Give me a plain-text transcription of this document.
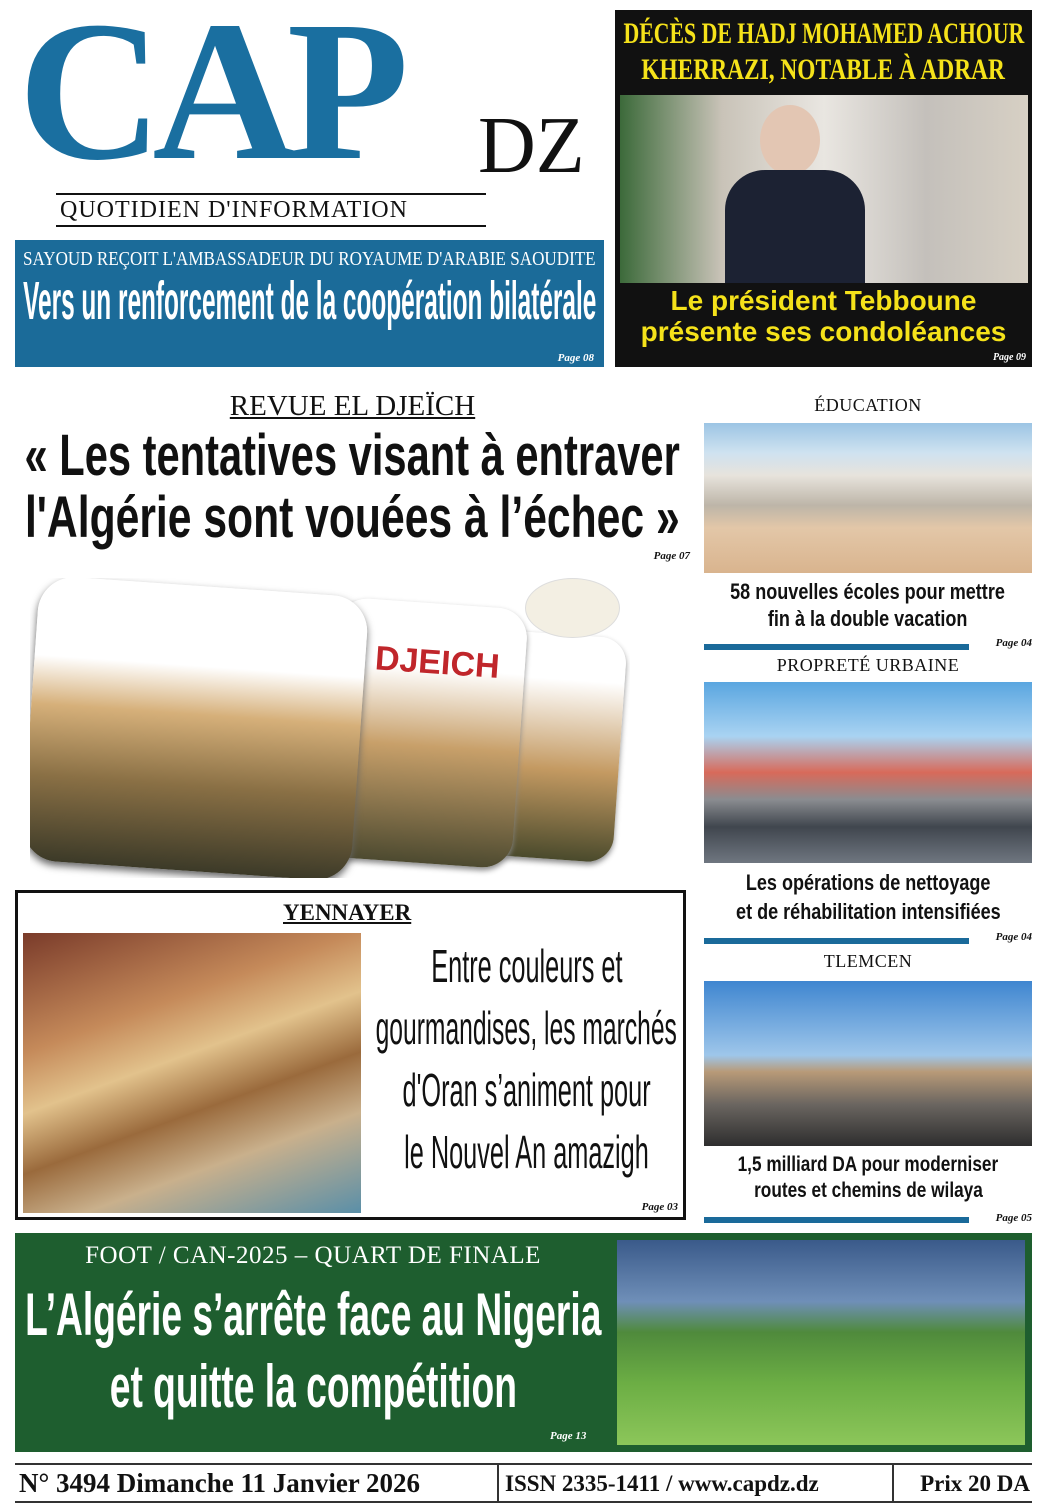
CAP DZ
QUOTIDIEN D'INFORMATION
SAYOUD REÇOIT L'AMBASSADEUR DU ROYAUME D'ARABIE SAOUDITE
Vers un renforcement de la coopération bilatérale
Page 08
DÉCÈS DE HADJ MOHAMED ACHOUR
KHERRAZI, NOTABLE À ADRAR
Le président Tebboune
présente ses condoléances
Page 09
REVUE EL DJEÏCH
« Les tentatives visant à entraver
l'Algérie sont vouées à l’échec »
Page 07
DJEICH
YENNAYER
Entre couleurs et
gourmandises, les marchés
d'Oran s’animent pour
le Nouvel An amazigh
Page 03
ÉDUCATION
58 nouvelles écoles pour mettre
fin à la double vacation
Page 04
PROPRETÉ URBAINE
Les opérations de nettoyage
et de réhabilitation intensifiées
Page 04
TLEMCEN
1,5 milliard DA pour moderniser
routes et chemins de wilaya
Page 05
FOOT / CAN-2025 – QUART DE FINALE
L’Algérie s’arrête face au Nigeria
et quitte la compétition
Page 13
N° 3494 Dimanche 11 Janvier 2026	ISSN 2335-1411 / www.capdz.dz	Prix 20 DA
